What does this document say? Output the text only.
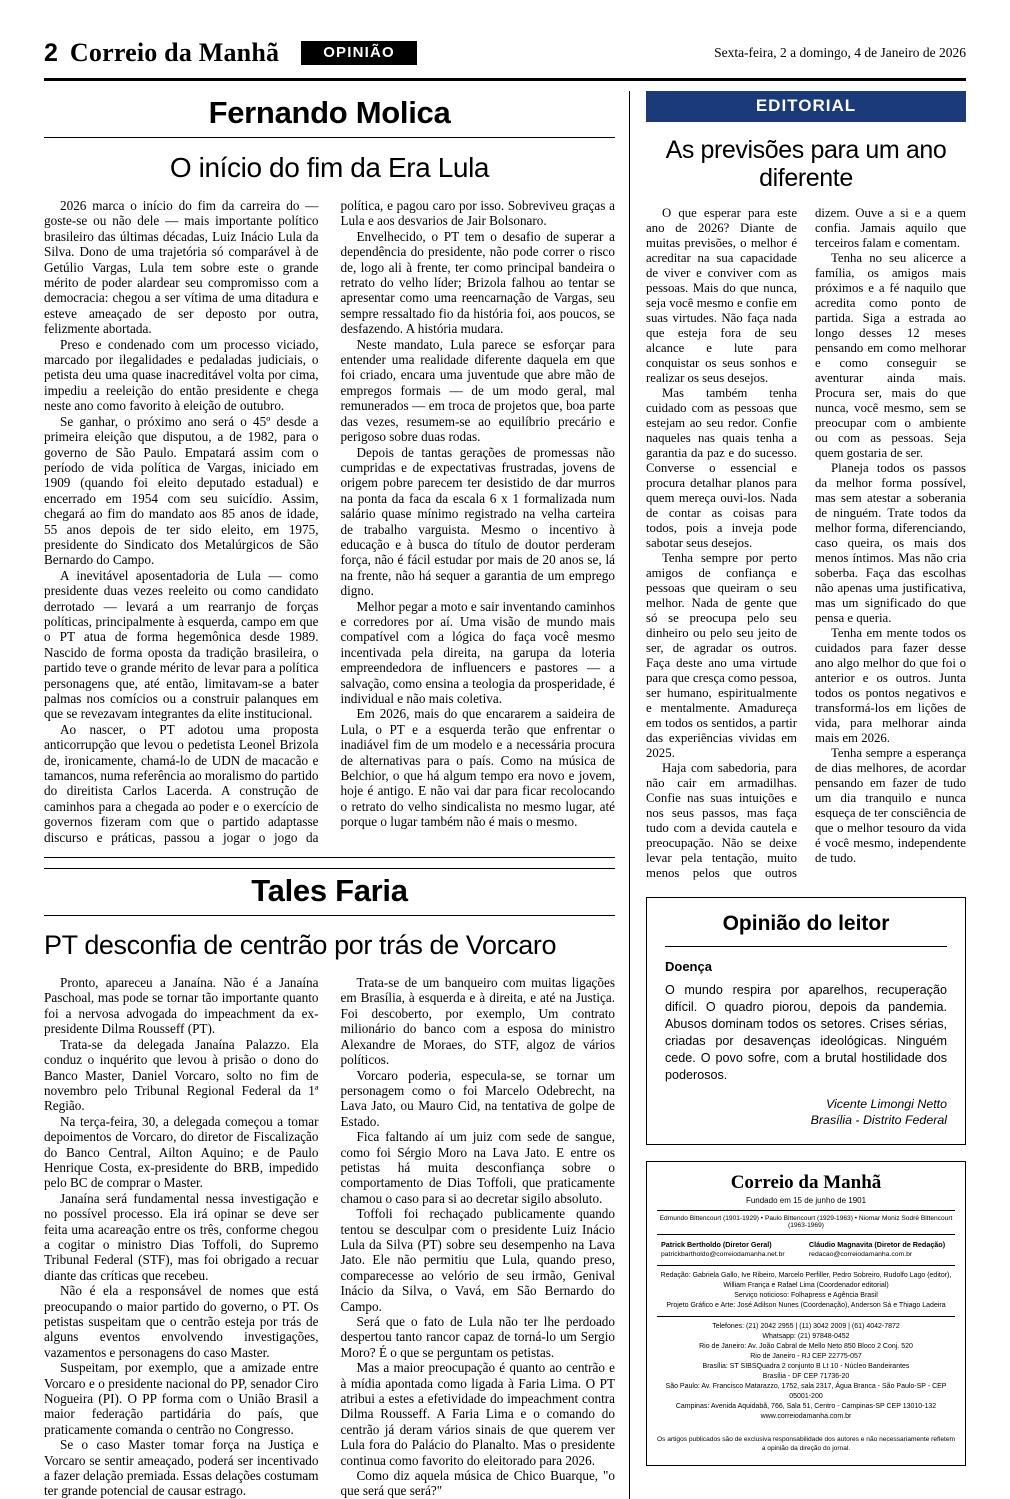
2 Correio da Manhã	OPINIÃO	Sexta-feira, 2 a domingo, 4 de Janeiro de 2026
Fernando Molica
O início do fim da Era Lula

2026 marca o início do fim da carreira do — goste-se ou não dele — mais importante político brasileiro das últimas décadas, Luiz Inácio Lula da Silva. Dono de uma trajetória só comparável à de Getúlio Vargas, Lula tem sobre este o grande mérito de poder alardear seu compromisso com a democracia: chegou a ser vítima de uma ditadura e esteve ameaçado de ser deposto por outra, felizmente abortada.

Preso e condenado com um processo viciado, marcado por ilegalidades e pedaladas judiciais, o petista deu uma quase inacreditável volta por cima, impediu a reeleição do então presidente e chega neste ano como favorito à eleição de outubro.

Se ganhar, o próximo ano será o 45º desde a primeira eleição que disputou, a de 1982, para o governo de São Paulo. Empatará assim com o período de vida política de Vargas, iniciado em 1909 (quando foi eleito deputado estadual) e encerrado em 1954 com seu suicídio. Assim, chegará ao fim do mandato aos 85 anos de idade, 55 anos depois de ter sido eleito, em 1975, presidente do Sindicato dos Metalúrgicos de São Bernardo do Campo.

A inevitável aposentadoria de Lula — como presidente duas vezes reeleito ou como candidato derrotado — levará a um rearranjo de forças políticas, principalmente à esquerda, campo em que o PT atua de forma hegemônica desde 1989. Nascido de forma oposta da tradição brasileira, o partido teve o grande mérito de levar para a política personagens que, até então, limitavam-se a bater palmas nos comícios ou a construir palanques em que se revezavam integrantes da elite institucional.

Ao nascer, o PT adotou uma proposta anticorrupção que levou o pedetista Leonel Brizola de, ironicamente, chamá-lo de UDN de macacão e tamancos, numa referência ao moralismo do partido do direitista Carlos Lacerda. A construção de caminhos para a chegada ao poder e o exercício de governos fizeram com que o partido adaptasse discurso e práticas, passou a jogar o jogo da política, e pagou caro por isso. Sobreviveu graças a Lula e aos desvarios de Jair Bolsonaro.

Envelhecido, o PT tem o desafio de superar a dependência do presidente, não pode correr o risco de, logo ali à frente, ter como principal bandeira o retrato do velho líder; Brizola falhou ao tentar se apresentar como uma reencarnação de Vargas, seu sempre ressaltado fio da história foi, aos poucos, se desfazendo. A história mudara.

Neste mandato, Lula parece se esforçar para entender uma realidade diferente daquela em que foi criado, encara uma juventude que abre mão de empregos formais — de um modo geral, mal remunerados — em troca de projetos que, boa parte das vezes, resumem-se ao equilíbrio precário e perigoso sobre duas rodas.

Depois de tantas gerações de promessas não cumpridas e de expectativas frustradas, jovens de origem pobre parecem ter desistido de dar murros na ponta da faca da escala 6 x 1 formalizada num salário quase mínimo registrado na velha carteira de trabalho varguista. Mesmo o incentivo à educação e à busca do título de doutor perderam força, não é fácil estudar por mais de 20 anos se, lá na frente, não há sequer a garantia de um emprego digno.

Melhor pegar a moto e sair inventando caminhos e corredores por aí. Uma visão de mundo mais compatível com a lógica do faça você mesmo incentivada pela direita, na garupa da loteria empreendedora de influencers e pastores — a salvação, como ensina a teologia da prosperidade, é individual e não mais coletiva.

Em 2026, mais do que encararem a saideira de Lula, o PT e a esquerda terão que enfrentar o inadiável fim de um modelo e a necessária procura de alternativas para o país. Como na música de Belchior, o que há algum tempo era novo e jovem, hoje é antigo. E não vai dar para ficar recolocando o retrato do velho sindicalista no mesmo lugar, até porque o lugar também não é mais o mesmo.

Tales Faria
PT desconfia de centrão por trás de Vorcaro

Pronto, apareceu a Janaína. Não é a Janaína Paschoal, mas pode se tornar tão importante quanto foi a nervosa advogada do impeachment da ex-presidente Dilma Rousseff (PT).

Trata-se da delegada Janaína Palazzo. Ela conduz o inquérito que levou à prisão o dono do Banco Master, Daniel Vorcaro, solto no fim de novembro pelo Tribunal Regional Federal da 1ª Região.

Na terça-feira, 30, a delegada começou a tomar depoimentos de Vorcaro, do diretor de Fiscalização do Banco Central, Ailton Aquino; e de Paulo Henrique Costa, ex-presidente do BRB, impedido pelo BC de comprar o Master.

Janaína será fundamental nessa investigação e no possível processo. Ela irá opinar se deve ser feita uma acareação entre os três, conforme chegou a cogitar o ministro Dias Toffoli, do Supremo Tribunal Federal (STF), mas foi obrigado a recuar diante das críticas que recebeu.

Não é ela a responsável de nomes que está preocupando o maior partido do governo, o PT. Os petistas suspeitam que o centrão esteja por trás de alguns eventos envolvendo investigações, vazamentos e personagens do caso Master.

Suspeitam, por exemplo, que a amizade entre Vorcaro e o presidente nacional do PP, senador Ciro Nogueira (PI). O PP forma com o União Brasil a maior federação partidária do país, que praticamente comanda o centrão no Congresso.

Se o caso Master tomar força na Justiça e Vorcaro se sentir ameaçado, poderá ser incentivado a fazer delação premiada. Essas delações costumam ter grande potencial de causar estrago.

Trata-se de um banqueiro com muitas ligações em Brasília, à esquerda e à direita, e até na Justiça. Foi descoberto, por exemplo, Um contrato milionário do banco com a esposa do ministro Alexandre de Moraes, do STF, algoz de vários políticos.

Vorcaro poderia, especula-se, se tornar um personagem como o foi Marcelo Odebrecht, na Lava Jato, ou Mauro Cid, na tentativa de golpe de Estado.

Fica faltando aí um juiz com sede de sangue, como foi Sérgio Moro na Lava Jato. E entre os petistas há muita desconfiança sobre o comportamento de Dias Toffoli, que praticamente chamou o caso para si ao decretar sigilo absoluto.

Toffoli foi rechaçado publicamente quando tentou se desculpar com o presidente Luiz Inácio Lula da Silva (PT) sobre seu desempenho na Lava Jato. Ele não permitiu que Lula, quando preso, comparecesse ao velório de seu irmão, Genival Inácio da Silva, o Vavá, em São Bernardo do Campo.

Será que o fato de Lula não ter lhe perdoado despertou tanto rancor capaz de torná-lo um Sergio Moro? É o que se perguntam os petistas.

Mas a maior preocupação é quanto ao centrão e à mídia apontada como ligada à Faria Lima. O PT atribui a estes a efetividade do impeachment contra Dilma Rousseff. A Faria Lima e o comando do centrão já deram vários sinais de que querem ver Lula fora do Palácio do Planalto. Mas o presidente continua como favorito do eleitorado para 2026.

Como diz aquela música de Chico Buarque, "o que será que será?"

EDITORIAL
As previsões para um ano diferente

O que esperar para este ano de 2026? Diante de muitas previsões, o melhor é acreditar na sua capacidade de viver e conviver com as pessoas. Mais do que nunca, seja você mesmo e confie em suas virtudes. Não faça nada que esteja fora de seu alcance e lute para conquistar os seus sonhos e realizar os seus desejos.

Mas também tenha cuidado com as pessoas que estejam ao seu redor. Confie naqueles nas quais tenha a garantia da paz e do sucesso. Converse o essencial e procura detalhar planos para quem mereça ouvi-los. Nada de contar as coisas para todos, pois a inveja pode sabotar seus desejos.

Tenha sempre por perto amigos de confiança e pessoas que queiram o seu melhor. Nada de gente que só se preocupa pelo seu dinheiro ou pelo seu jeito de ser, de agradar os outros. Faça deste ano uma virtude para que cresça como pessoa, ser humano, espiritualmente e mentalmente. Amadureça em todos os sentidos, a partir das experiências vividas em 2025.

Haja com sabedoria, para não cair em armadilhas. Confie nas suas intuições e nos seus passos, mas faça tudo com a devida cautela e preocupação. Não se deixe levar pela tentação, muito menos pelos que outros dizem. Ouve a si e a quem confia. Jamais aquilo que terceiros falam e comentam.

Tenha no seu alicerce a família, os amigos mais próximos e a fé naquilo que acredita como ponto de partida. Siga a estrada ao longo desses 12 meses pensando em como melhorar e como conseguir se aventurar ainda mais. Procura ser, mais do que nunca, você mesmo, sem se preocupar com o ambiente ou com as pessoas. Seja quem gostaria de ser.

Planeja todos os passos da melhor forma possível, mas sem atestar a soberania de ninguém. Trate todos da melhor forma, diferenciando, caso queira, os mais dos menos íntimos. Mas não cria soberba. Faça das escolhas não apenas uma justificativa, mas um significado do que pensa e queria.

Tenha em mente todos os cuidados para fazer desse ano algo melhor do que foi o anterior e os outros. Junta todos os pontos negativos e transformá-los em lições de vida, para melhorar ainda mais em 2026.

Tenha sempre a esperança de dias melhores, de acordar pensando em fazer de tudo um dia tranquilo e nunca esqueça de ter consciência de que o melhor tesouro da vida é você mesmo, independente de tudo.

Opinião do leitor
Doença

O mundo respira por aparelhos, recuperação difícil. O quadro piorou, depois da pandemia. Abusos dominam todos os setores. Crises sérias, criadas por desavenças ideológicas. Ninguém cede. O povo sofre, com a brutal hostilidade dos poderosos.

Vicente Limongi Netto
Brasília - Distrito Federal
Correio da Manhã
Fundado em 15 de junho de 1901
Edmundo Bittencourt (1901-1929) • Paulo Bittencourt (1929-1963) • Niomar Moniz Sodré Bittencourt (1963-1969)
Patrick Bertholdo (Diretor Geral)
patrickbartholdo@correiodamanha.net.br
Cláudio Magnavita (Diretor de Redação)
redacao@correiodamanha.com.br
Redação: Gabriela Gallo, Ive Ribeiro, Marcelo Perfiller, Pedro Sobreiro, Rudolfo Lago (editor), William França e Rafael Lima (Coordenador editorial)
Serviço noticioso: Folhapress e Agência Brasil
Projeto Gráfico e Arte: José Adilson Nunes (Coordenação), Anderson Sá e Thiago Ladeira
Telefones: (21) 2042 2955 | (11) 3042 2009 | (61) 4042-7872
Whatsapp: (21) 97848-0452
Rio de Janeiro: Av. João Cabral de Mello Neto 850 Bloco 2 Conj. 520
Rio de Janeiro - RJ CEP 22775-057
Brasília: ST SIBSQuadra 2 conjunto B Lt 10 - Núcleo Bandeirantes
Brasília - DF CEP 71736-20
São Paulo: Av. Francisco Matarazzo, 1752, sala 2317, Água Branca - São Paulo-SP - CEP 05001-200
Campinas: Avenida Aquidabã, 766, Sala 51, Centro - Campinas-SP CEP 13010-132
www.correiodamanha.com.br
Os artigos publicados são de exclusiva responsabilidade dos autores e não necessariamente refletem a opinião da direção do jornal.
